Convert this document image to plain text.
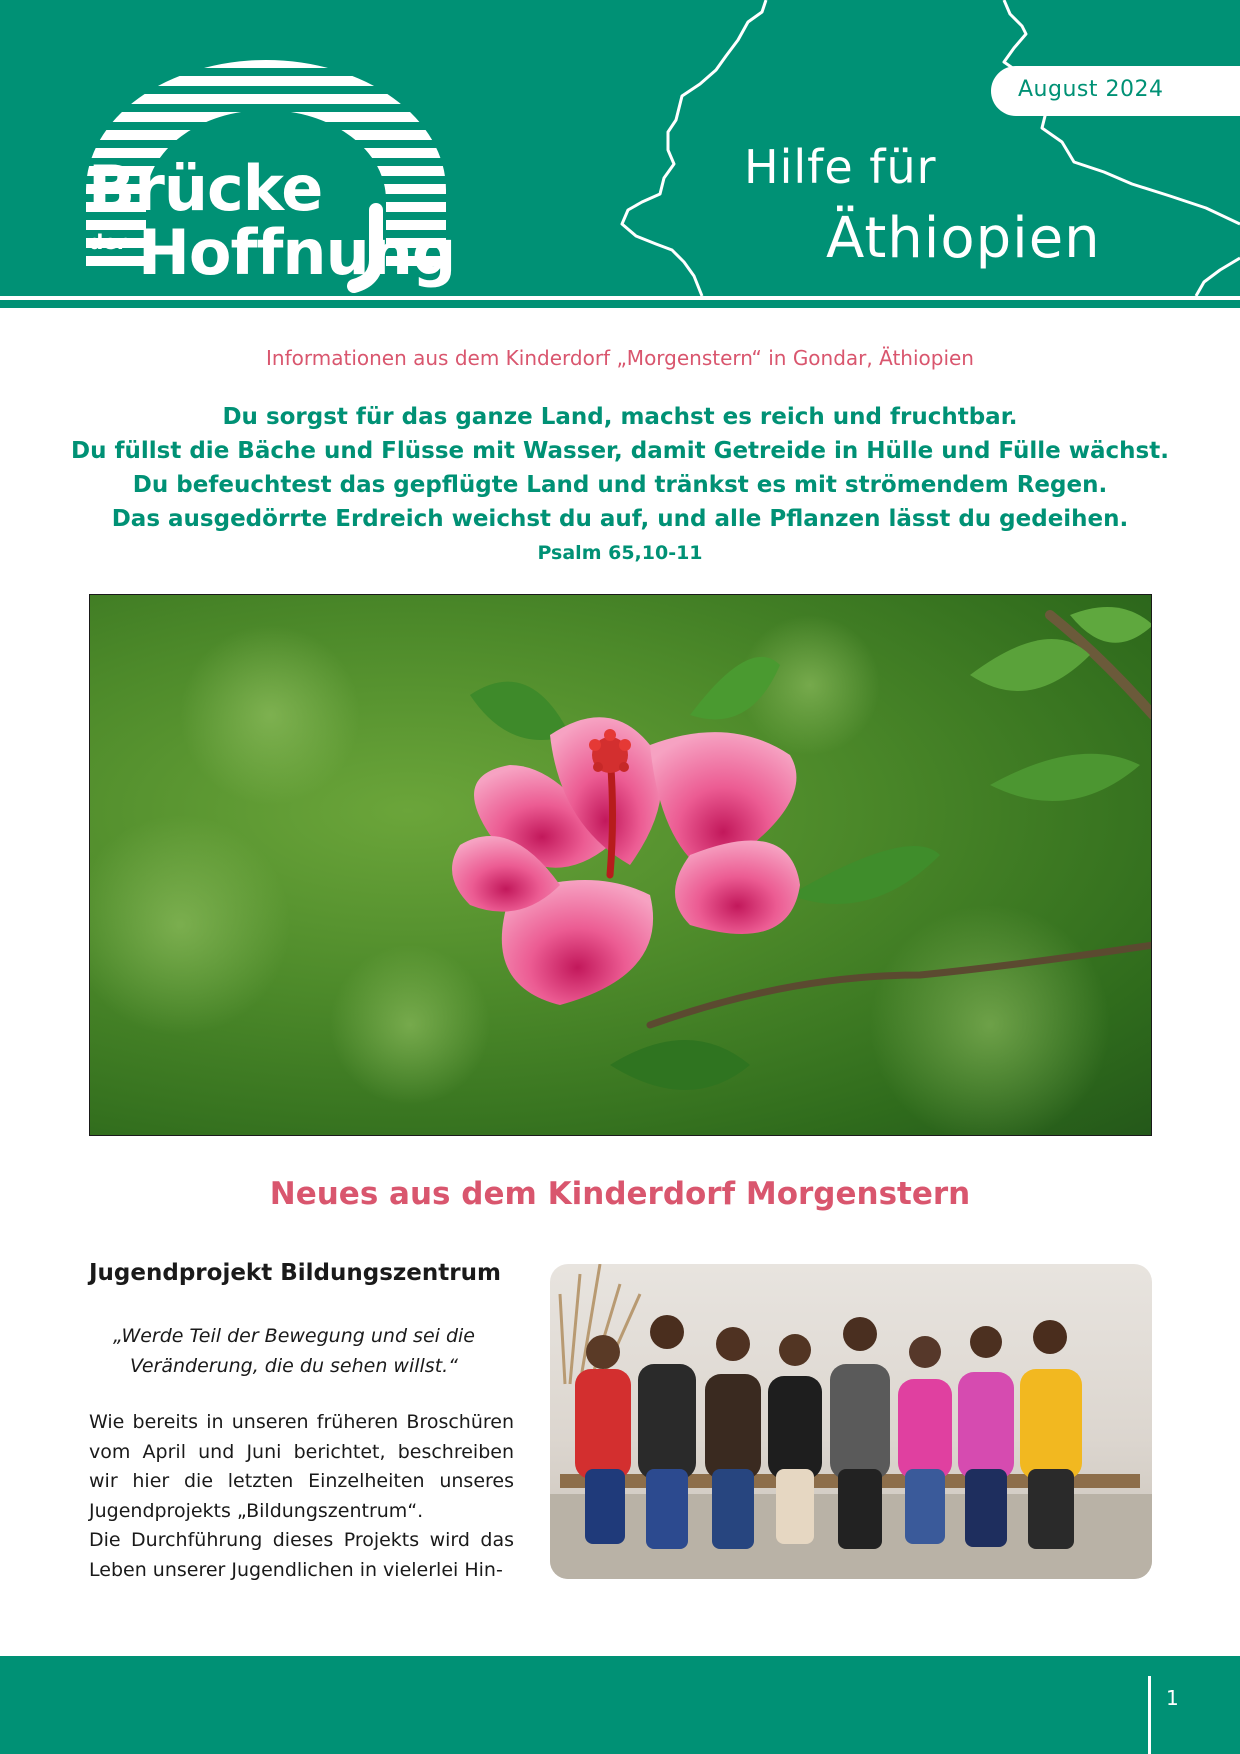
Brücke
der Hoffnung
August 2024
Hilfe für
Äthiopien
Informationen aus dem Kinderdorf „Morgenstern“ in Gondar, Äthiopien
Du sorgst für das ganze Land, machst es reich und fruchtbar.
Du füllst die Bäche und Flüsse mit Wasser, damit Getreide in Hülle und Fülle wächst.
Du befeuchtest das gepflügte Land und tränkst es mit strömendem Regen.
Das ausgedörrte Erdreich weichst du auf, und alle Pflanzen lässt du gedeihen.
Psalm 65,10-11
Neues aus dem Kinderdorf Morgenstern
Jugendprojekt Bildungszentrum
„Werde Teil der Bewegung und sei die
Veränderung, die du sehen willst.“

Wie bereits in unseren früheren Broschüren vom April und Juni berichtet, beschreiben wir hier die letzten Einzelheiten unseres Jugendprojekts „Bildungszentrum“.

Die Durchführung dieses Projekts wird das Leben unserer Jugendlichen in vielerlei Hin-

1
